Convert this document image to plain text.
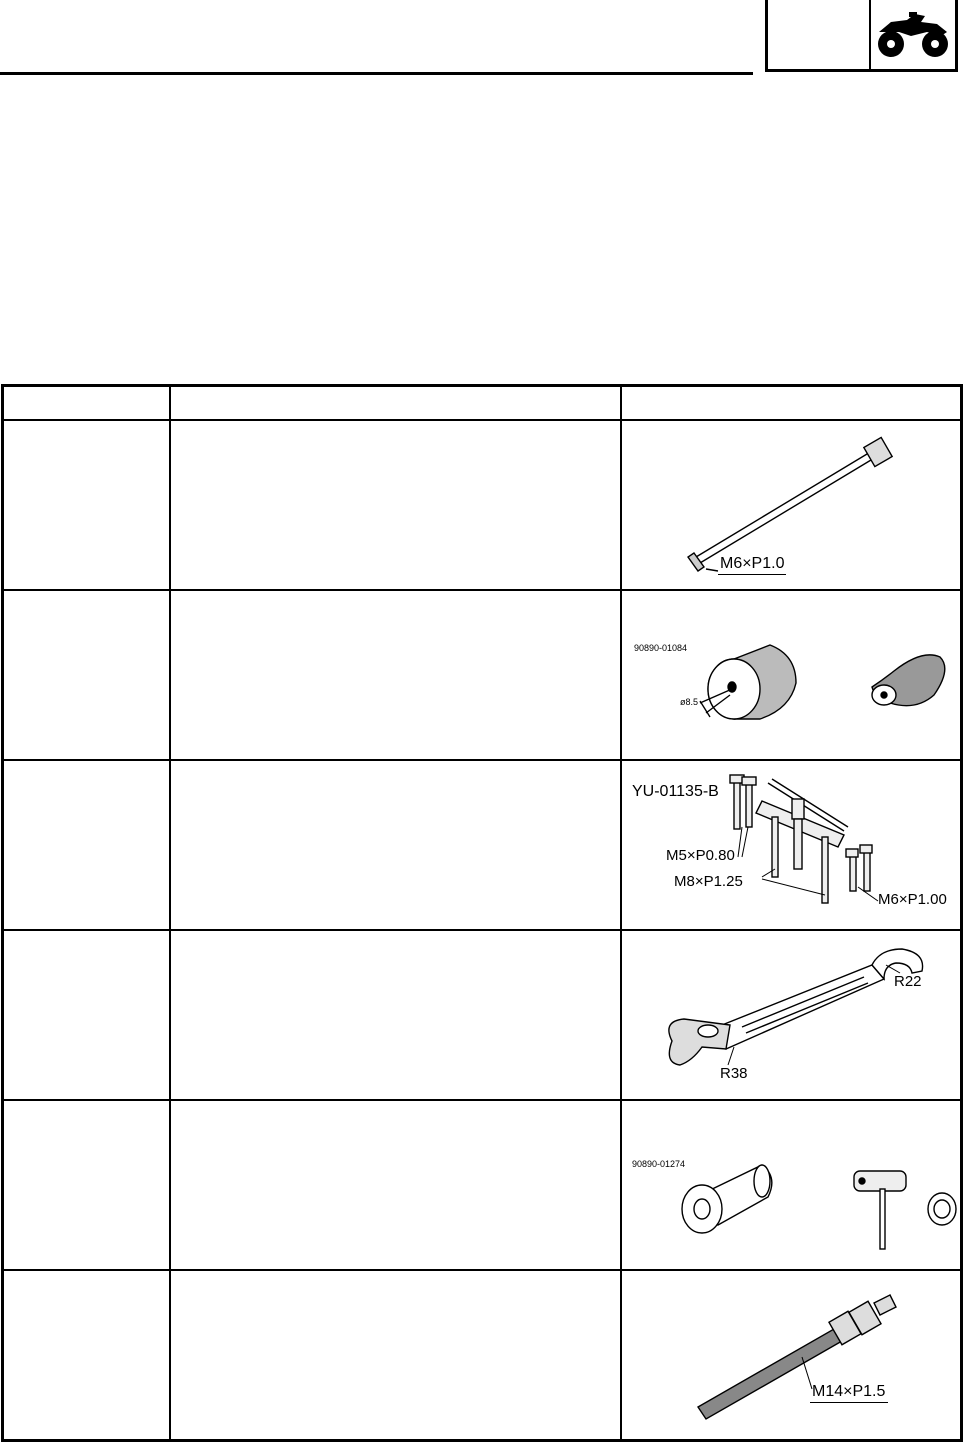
		M6×P1.0

		90890-01084
ø8.5

		YU-01135-B
M5×P0.80
M8×P1.25
M6×P1.00

		R22
R38

		90890-01274

		M14×P1.5
